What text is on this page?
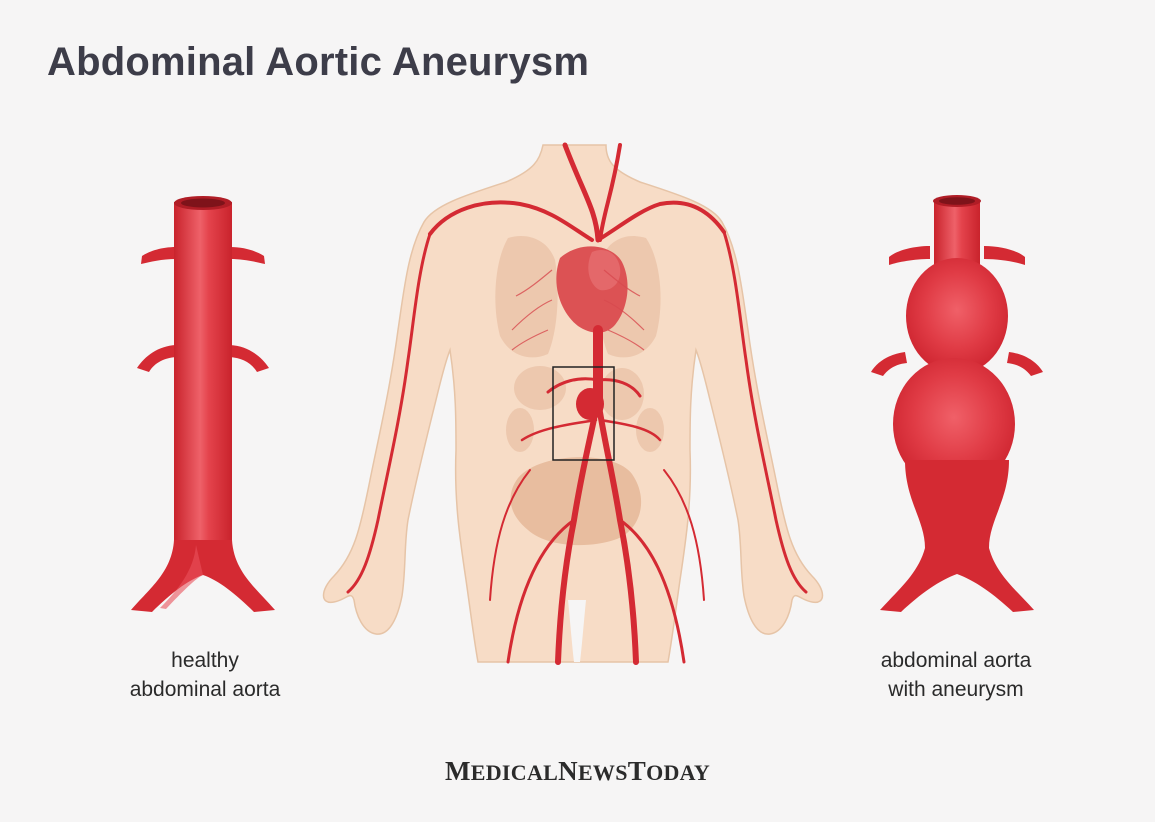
Abdominal Aortic Aneurysm
healthy
abdominal aorta
abdominal aorta
with aneurysm
MEDICALNEWSTODAY
